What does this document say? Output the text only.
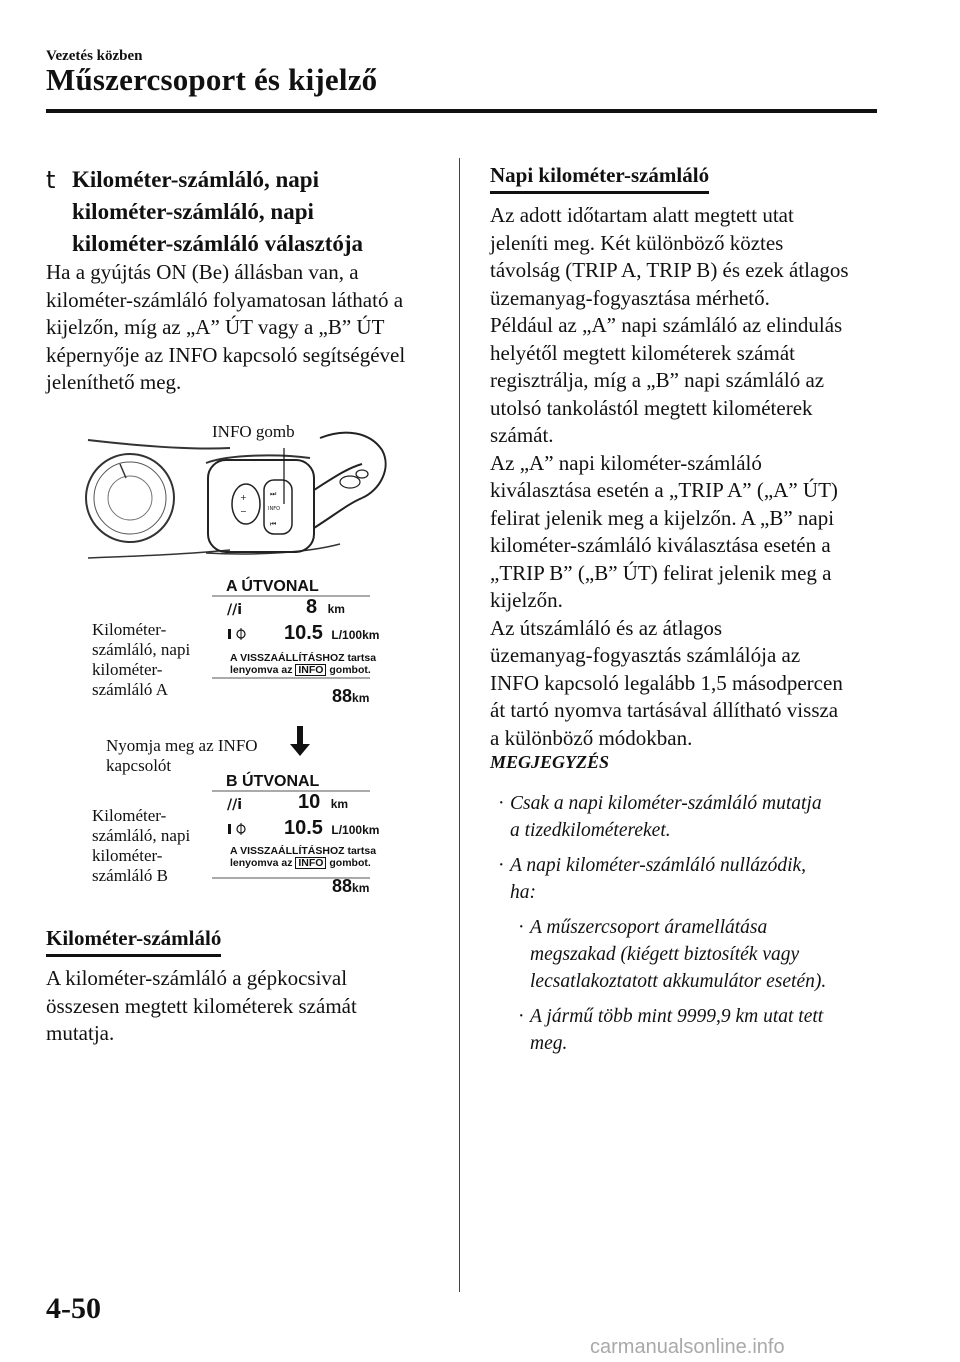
Vezetés közben
Műszercsoport és kijelző
t Kilométer-számláló, napi
kilométer-számláló, napi
kilométer-számláló választója
Ha a gyújtás ON (Be) állásban van, a
kilométer-számláló folyamatosan látható a
kijelzőn, míg az „A” ÚT vagy a „B” ÚT
képernyője az INFO kapcsoló segítségével
jeleníthető meg.
+
−
⏭
INFO
⏮
//i
//i
INFO gomb
A ÚTVONAL
8 km
10.5 L/100km
A VISSZAÁLLÍTÁSHOZ tartsa
lenyomva az INFO gombot.
88km
Kilométer-
számláló, napi
kilométer-
számláló A
Nyomja meg az INFO
kapcsolót
B ÚTVONAL
10 km
10.5 L/100km
A VISSZAÁLLÍTÁSHOZ tartsa
lenyomva az INFO gombot.
88km
Kilométer-
számláló, napi
kilométer-
számláló B
Kilométer-számláló
A kilométer-számláló a gépkocsival
összesen megtett kilométerek számát
mutatja.
Napi kilométer-számláló
Az adott időtartam alatt megtett utat
jeleníti meg. Két különböző köztes
távolság (TRIP A, TRIP B) és ezek átlagos
üzemanyag-fogyasztása mérhető.
Például az „A” napi számláló az elindulás
helyétől megtett kilométerek számát
regisztrálja, míg a „B” napi számláló az
utolsó tankolástól megtett kilométerek
számát.
Az „A” napi kilométer-számláló
kiválasztása esetén a „TRIP A” („A” ÚT)
felirat jelenik meg a kijelzőn. A „B” napi
kilométer-számláló kiválasztása esetén a
„TRIP B” („B” ÚT) felirat jelenik meg a
kijelzőn.
Az útszámláló és az átlagos
üzemanyag-fogyasztás számlálója az
INFO kapcsoló legalább 1,5 másodpercen
át tartó nyomva tartásával állítható vissza
a különböző módokban.
MEGJEGYZÉS
· Csak a napi kilométer-számláló mutatja
a tizedkilométereket.
· A napi kilométer-számláló nullázódik,
ha:
· A műszercsoport áramellátása
megszakad (kiégett biztosíték vagy
lecsatlakoztatott akkumulátor esetén).
· A jármű több mint 9999,9 km utat tett
meg.
4-50
carmanualsonline.info
